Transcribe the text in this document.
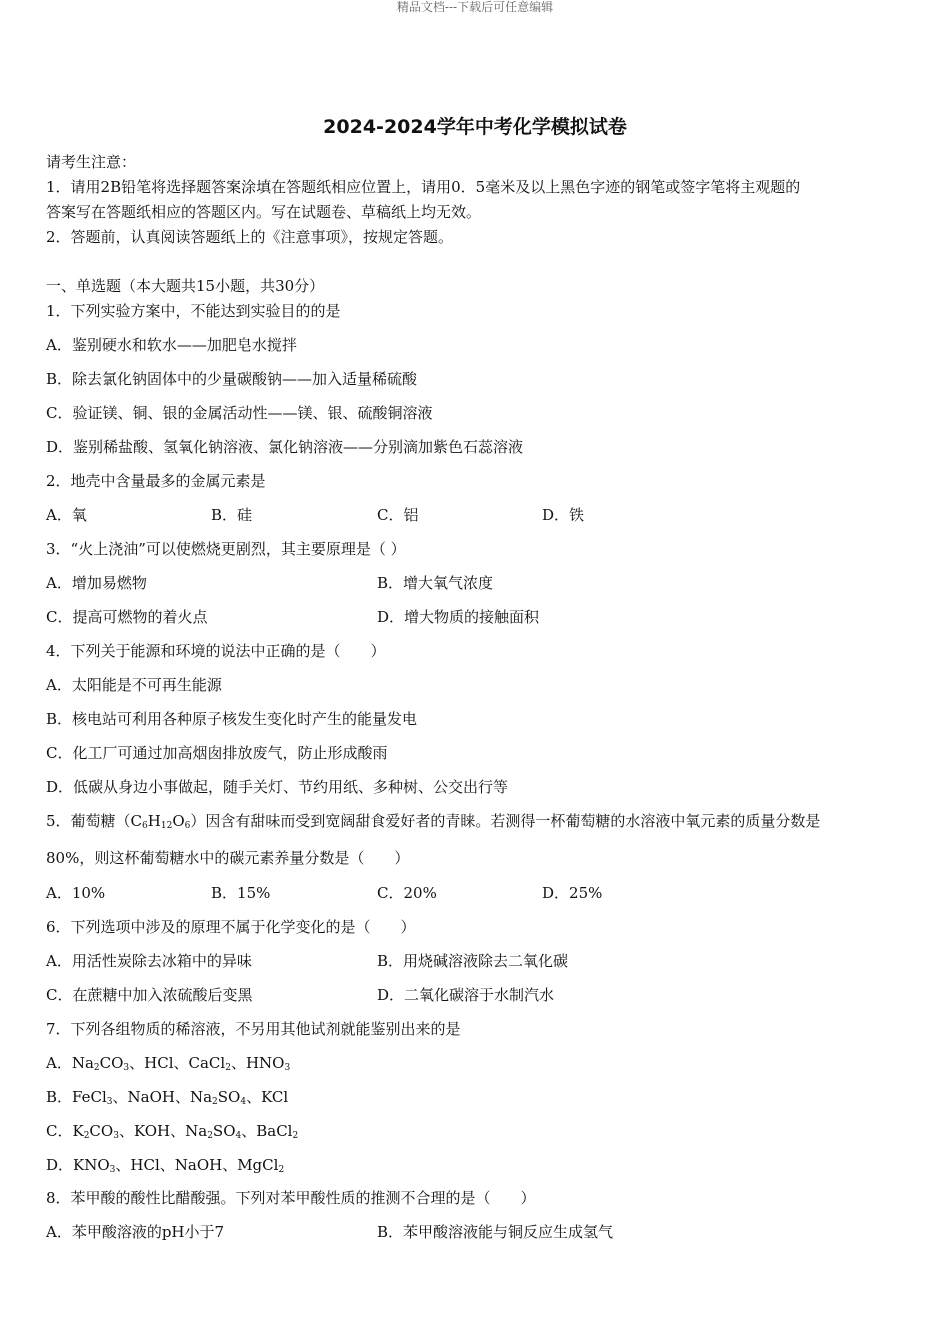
精品文档---下载后可任意编辑
2024-2024学年中考化学模拟试卷
请考生注意：
1．请用2B铅笔将选择题答案涂填在答题纸相应位置上，请用0．5毫米及以上黑色字迹的钢笔或签字笔将主观题的
答案写在答题纸相应的答题区内。写在试题卷、草稿纸上均无效。
2．答题前，认真阅读答题纸上的《注意事项》，按规定答题。
一、单选题（本大题共15小题，共30分）
1．下列实验方案中，不能达到实验目的的是
A．鉴别硬水和软水——加肥皂水搅拌
B．除去氯化钠固体中的少量碳酸钠——加入适量稀硫酸
C．验证镁、铜、银的金属活动性——镁、银、硫酸铜溶液
D．鉴别稀盐酸、氢氧化钠溶液、氯化钠溶液——分别滴加紫色石蕊溶液
2．地壳中含量最多的金属元素是
A．氧	B．硅	C．铝	D．铁
3．“火上浇油”可以使燃烧更剧烈，其主要原理是（ ）
A．增加易燃物	B．增大氧气浓度
C．提高可燃物的着火点	D．增大物质的接触面积
4．下列关于能源和环境的说法中正确的是（　　）
A．太阳能是不可再生能源
B．核电站可利用各种原子核发生变化时产生的能量发电
C．化工厂可通过加高烟囱排放废气，防止形成酸雨
D．低碳从身边小事做起，随手关灯、节约用纸、多种树、公交出行等
5．葡萄糖$(C_6H_{12}O_6)$因含有甜味而受到宽阔甜食爱好者的青睐。若测得一杯葡萄糖的水溶液中氧元素的质量分数是
80%，则这杯葡萄糖水中的碳元素养量分数是（　　）
A．10%	B．15%	C．20%	D．25%
6．下列选项中涉及的原理不属于化学变化的是（　　）
A．用活性炭除去冰箱中的异味	B．用烧碱溶液除去二氧化碳
C．在蔗糖中加入浓硫酸后变黑	D．二氧化碳溶于水制汽水
7．下列各组物质的稀溶液，不另用其他试剂就能鉴别出来的是
A．$Na_2CO_3$、HCl、CaCl$_2$、$HNO_3$
B．FeCl$_3$、NaOH、$Na_2SO_4$、KCl
C．$K_2CO_3$、KOH、$Na_2SO_4$、BaCl$_2$
D．$KNO_3$、HCl、NaOH、MgCl$_2$
8．苯甲酸的酸性比醋酸强。下列对苯甲酸性质的推测不合理的是（　　）
A．苯甲酸溶液的pH小于7	B．苯甲酸溶液能与铜反应生成氢气
